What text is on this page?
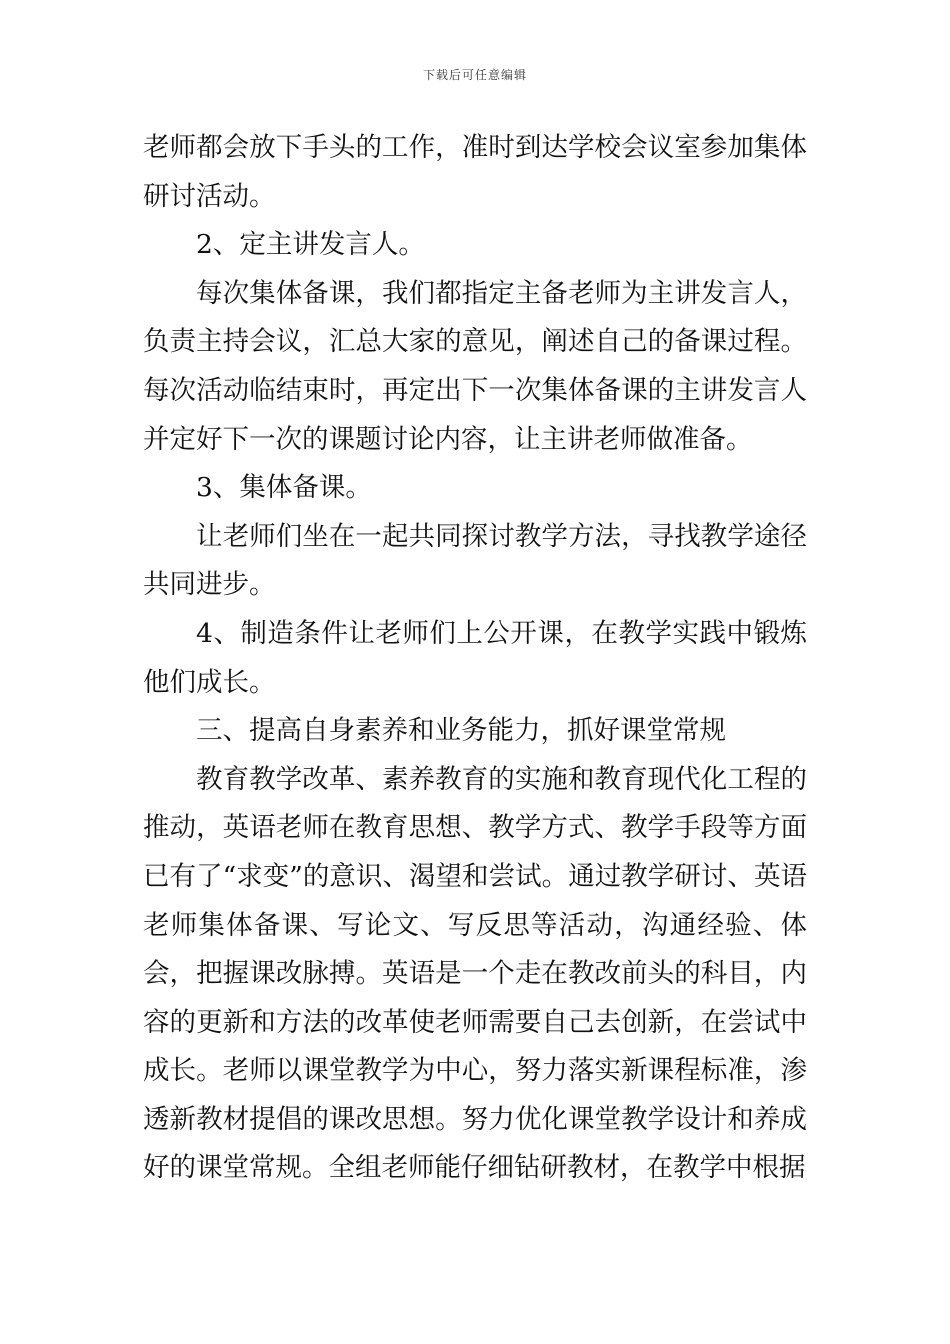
下载后可任意编辑

老师都会放下手头的工作，准时到达学校会议室参加集体研讨活动。

2、定主讲发言人。

每次集体备课，我们都指定主备老师为主讲发言人，负责主持会议，汇总大家的意见，阐述自己的备课过程。每次活动临结束时，再定出下一次集体备课的主讲发言人并定好下一次的课题讨论内容，让主讲老师做准备。

3、集体备课。

让老师们坐在一起共同探讨教学方法，寻找教学途径共同进步。

4、制造条件让老师们上公开课，在教学实践中锻炼他们成长。

三、提高自身素养和业务能力，抓好课堂常规

教育教学改革、素养教育的实施和教育现代化工程的推动，英语老师在教育思想、教学方式、教学手段等方面已有了“求变”的意识、渴望和尝试。通过教学研讨、英语老师集体备课、写论文、写反思等活动，沟通经验、体会，把握课改脉搏。英语是一个走在教改前头的科目，内容的更新和方法的改革使老师需要自己去创新，在尝试中成长。老师以课堂教学为中心，努力落实新课程标准，渗透新教材提倡的课改思想。努力优化课堂教学设计和养成好的课堂常规。全组老师能仔细钻研教材，在教学中根据
